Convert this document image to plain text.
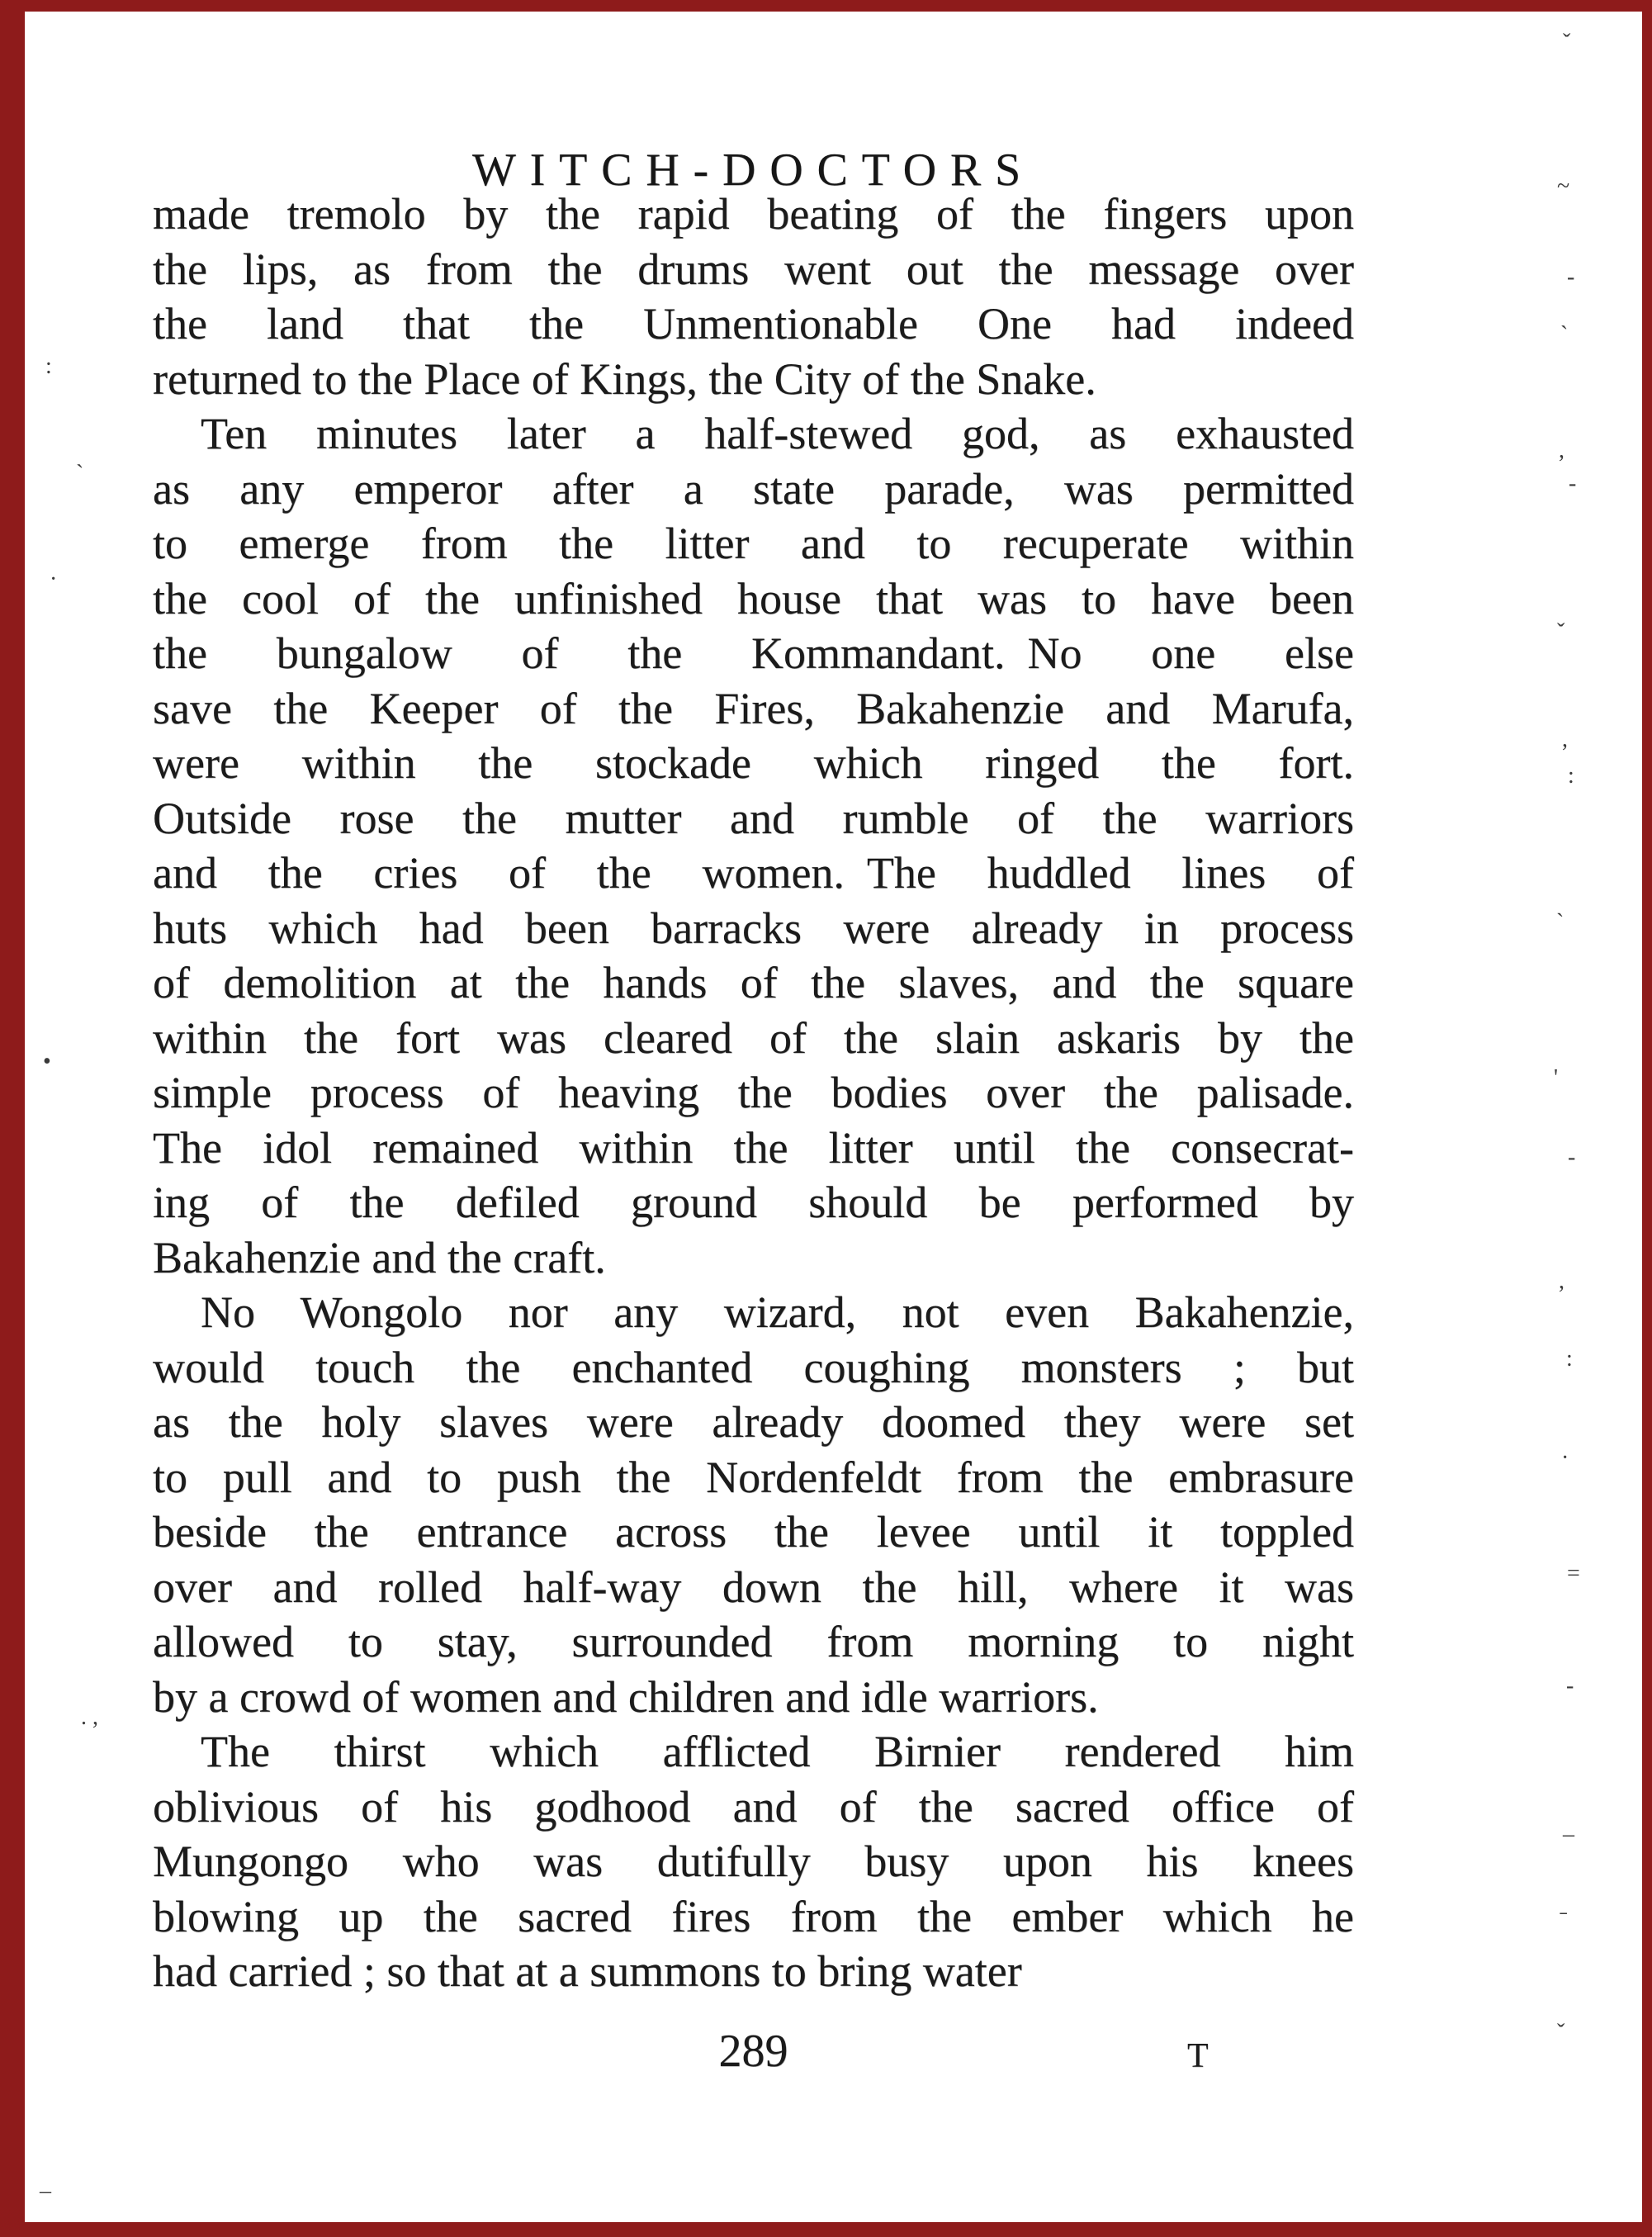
WITCH-DOCTORS
made tremolo by the rapid beating of the fingers upon
the lips, as from the drums went out the message over
the land that the Unmentionable One had indeed
returned to the Place of Kings, the City of the Snake.
Ten minutes later a half-stewed god, as exhausted
as any emperor after a state parade, was permitted
to emerge from the litter and to recuperate within
the cool of the unfinished house that was to have been
the bungalow of the Kommandant. No one else
save the Keeper of the Fires, Bakahenzie and Marufa,
were within the stockade which ringed the fort.
Outside rose the mutter and rumble of the warriors
and the cries of the women. The huddled lines of
huts which had been barracks were already in process
of demolition at the hands of the slaves, and the square
within the fort was cleared of the slain askaris by the
simple process of heaving the bodies over the palisade.
The idol remained within the litter until the consecrat-
ing of the defiled ground should be performed by
Bakahenzie and the craft.
No Wongolo nor any wizard, not even Bakahenzie,
would touch the enchanted coughing monsters ; but
as the holy slaves were already doomed they were set
to pull and to push the Nordenfeldt from the embrasure
beside the entrance across the levee until it toppled
over and rolled half-way down the hill, where it was
allowed to stay, surrounded from morning to night
by a crowd of women and children and idle warriors.
The thirst which afflicted Birnier rendered him
oblivious of his godhood and of the sacred office of
Mungongo who was dutifully busy upon his knees
blowing up the sacred fires from the ember which he
had carried ; so that at a summons to bring water
289	T
:
`
·
•
. ,
–
ˇ
~
-
`
,
-
ˇ
,
:
ˏ
'
-
,
:
·
=
-
–
ˉ
ˇ
